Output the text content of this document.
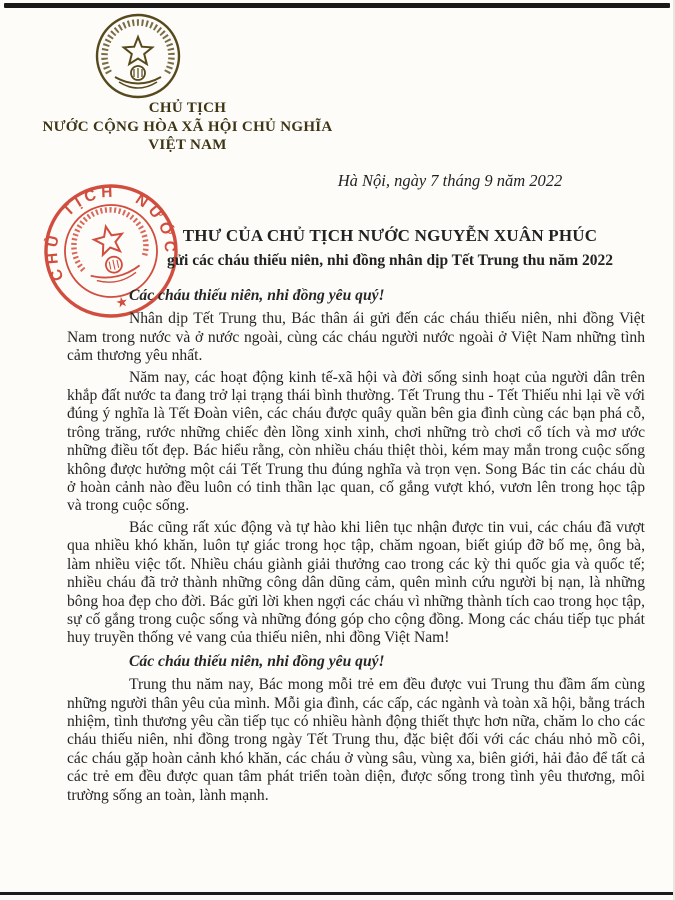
CHỦ TỊCH
NƯỚC CỘNG HÒA XÃ HỘI CHỦ NGHĨA
VIỆT NAM
Hà Nội, ngày 7 tháng 9 năm 2022
CHỦ TỊCH NƯỚC
★
THƯ CỦA CHỦ TỊCH NƯỚC NGUYỄN XUÂN PHÚC
gửi các cháu thiếu niên, nhi đồng nhân dịp Tết Trung thu năm 2022

Các cháu thiếu niên, nhi đồng yêu quý!

Nhân dịp Tết Trung thu, Bác thân ái gửi đến các cháu thiếu niên, nhi đồng Việt Nam trong nước và ở nước ngoài, cùng các cháu người nước ngoài ở Việt Nam những tình cảm thương yêu nhất.

Năm nay, các hoạt động kinh tế-xã hội và đời sống sinh hoạt của người dân trên khắp đất nước ta đang trở lại trạng thái bình thường. Tết Trung thu - Tết Thiếu nhi lại về với đúng ý nghĩa là Tết Đoàn viên, các cháu được quây quần bên gia đình cùng các bạn phá cỗ, trông trăng, rước những chiếc đèn lồng xinh xinh, chơi những trò chơi cổ tích và mơ ước những điều tốt đẹp. Bác hiểu rằng, còn nhiều cháu thiệt thòi, kém may mắn trong cuộc sống không được hưởng một cái Tết Trung thu đúng nghĩa và trọn vẹn. Song Bác tin các cháu dù ở hoàn cảnh nào đều luôn có tinh thần lạc quan, cố gắng vượt khó, vươn lên trong học tập và trong cuộc sống.

Bác cũng rất xúc động và tự hào khi liên tục nhận được tin vui, các cháu đã vượt qua nhiều khó khăn, luôn tự giác trong học tập, chăm ngoan, biết giúp đỡ bố mẹ, ông bà, làm nhiều việc tốt. Nhiều cháu giành giải thưởng cao trong các kỳ thi quốc gia và quốc tế; nhiều cháu đã trở thành những công dân dũng cảm, quên mình cứu người bị nạn, là những bông hoa đẹp cho đời. Bác gửi lời khen ngợi các cháu vì những thành tích cao trong học tập, sự cố gắng trong cuộc sống và những đóng góp cho cộng đồng. Mong các cháu tiếp tục phát huy truyền thống vẻ vang của thiếu niên, nhi đồng Việt Nam!

Các cháu thiếu niên, nhi đồng yêu quý!

Trung thu năm nay, Bác mong mỗi trẻ em đều được vui Trung thu đầm ấm cùng những người thân yêu của mình. Mỗi gia đình, các cấp, các ngành và toàn xã hội, bằng trách nhiệm, tình thương yêu cần tiếp tục có nhiều hành động thiết thực hơn nữa, chăm lo cho các cháu thiếu niên, nhi đồng trong ngày Tết Trung thu, đặc biệt đối với các cháu nhỏ mồ côi, các cháu gặp hoàn cảnh khó khăn, các cháu ở vùng sâu, vùng xa, biên giới, hải đảo để tất cả các trẻ em đều được quan tâm phát triển toàn diện, được sống trong tình yêu thương, môi trường sống an toàn, lành mạnh.
